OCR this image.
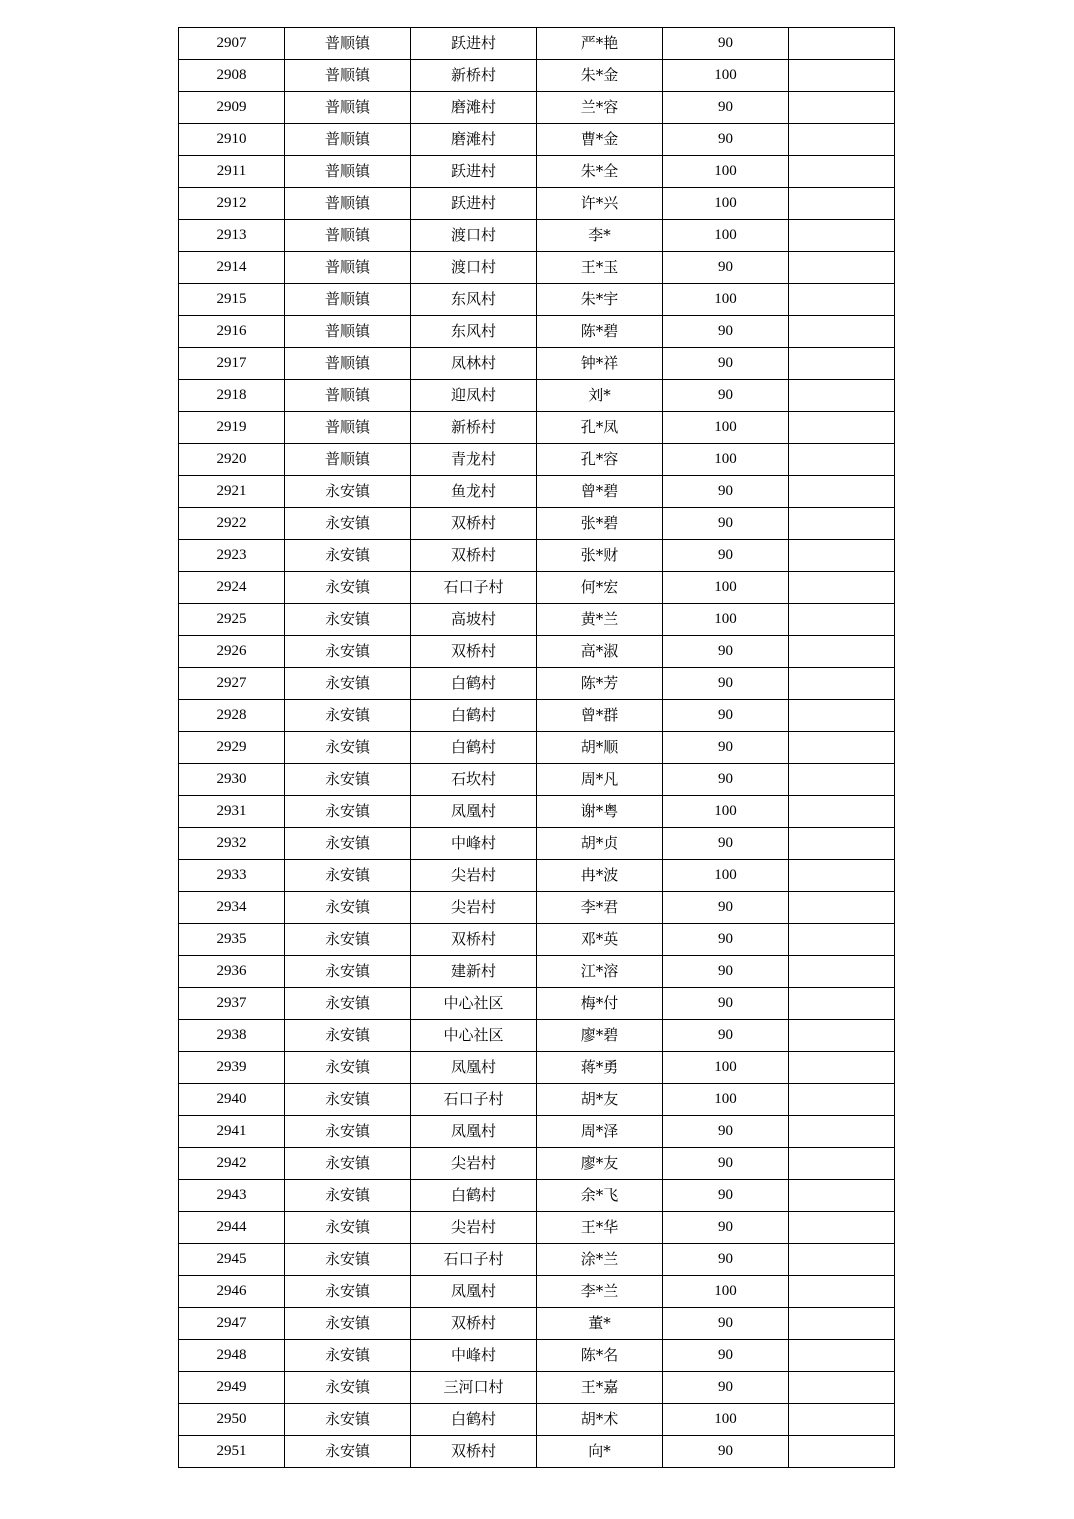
2907	普顺镇	跃进村	严*艳	90	
2908	普顺镇	新桥村	朱*金	100	
2909	普顺镇	磨滩村	兰*容	90	
2910	普顺镇	磨滩村	曹*金	90	
2911	普顺镇	跃进村	朱*全	100	
2912	普顺镇	跃进村	许*兴	100	
2913	普顺镇	渡口村	李*	100	
2914	普顺镇	渡口村	王*玉	90	
2915	普顺镇	东风村	朱*宇	100	
2916	普顺镇	东风村	陈*碧	90	
2917	普顺镇	凤林村	钟*祥	90	
2918	普顺镇	迎凤村	刘*	90	
2919	普顺镇	新桥村	孔*凤	100	
2920	普顺镇	青龙村	孔*容	100	
2921	永安镇	鱼龙村	曾*碧	90	
2922	永安镇	双桥村	张*碧	90	
2923	永安镇	双桥村	张*财	90	
2924	永安镇	石口子村	何*宏	100	
2925	永安镇	高坡村	黄*兰	100	
2926	永安镇	双桥村	高*淑	90	
2927	永安镇	白鹤村	陈*芳	90	
2928	永安镇	白鹤村	曾*群	90	
2929	永安镇	白鹤村	胡*顺	90	
2930	永安镇	石坎村	周*凡	90	
2931	永安镇	凤凰村	谢*粤	100	
2932	永安镇	中峰村	胡*贞	90	
2933	永安镇	尖岩村	冉*波	100	
2934	永安镇	尖岩村	李*君	90	
2935	永安镇	双桥村	邓*英	90	
2936	永安镇	建新村	江*溶	90	
2937	永安镇	中心社区	梅*付	90	
2938	永安镇	中心社区	廖*碧	90	
2939	永安镇	凤凰村	蒋*勇	100	
2940	永安镇	石口子村	胡*友	100	
2941	永安镇	凤凰村	周*泽	90	
2942	永安镇	尖岩村	廖*友	90	
2943	永安镇	白鹤村	余*飞	90	
2944	永安镇	尖岩村	王*华	90	
2945	永安镇	石口子村	涂*兰	90	
2946	永安镇	凤凰村	李*兰	100	
2947	永安镇	双桥村	董*	90	
2948	永安镇	中峰村	陈*名	90	
2949	永安镇	三河口村	王*嘉	90	
2950	永安镇	白鹤村	胡*术	100	
2951	永安镇	双桥村	向*	90	
